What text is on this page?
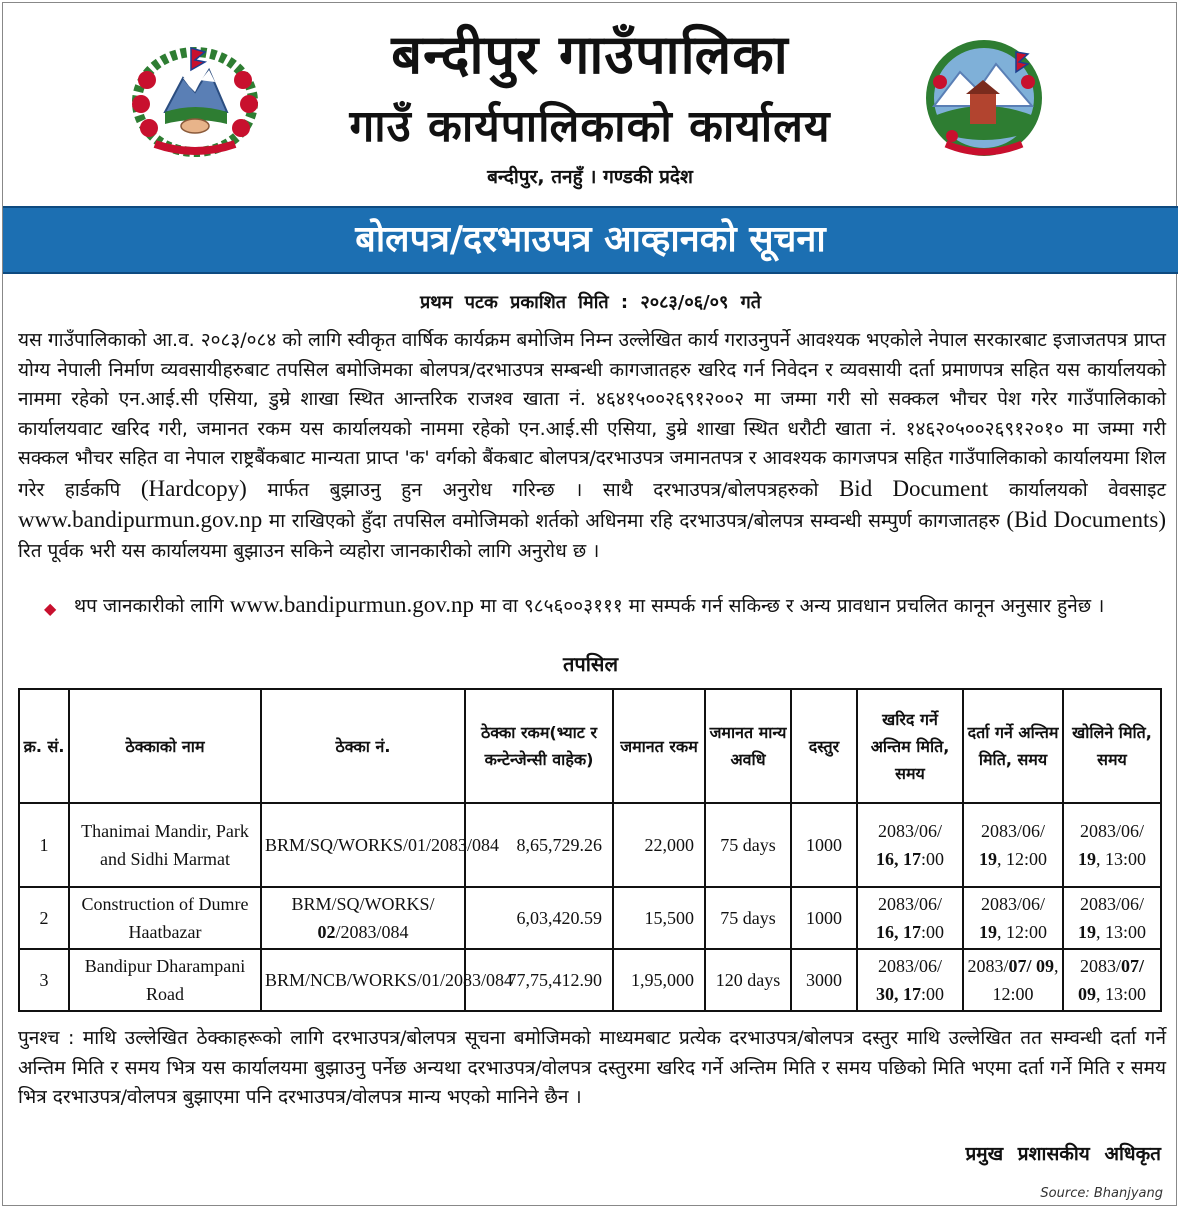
बन्दीपुर गाउँपालिका
गाउँ कार्यपालिकाको कार्यालय
बन्दीपुर, तनहुँ । गण्डकी प्रदेश
बोलपत्र/दरभाउपत्र आव्हानको सूचना
प्रथम पटक प्रकाशित मिति : २०८३/०६/०९ गते
यस गाउँपालिकाको आ.व. २०८३/०८४ को लागि स्वीकृत वार्षिक कार्यक्रम बमोजिम निम्न उल्लेखित कार्य गराउनुपर्ने आवश्यक भएकोले नेपाल सरकारबाट इजाजतपत्र प्राप्त योग्य नेपाली निर्माण व्यवसायीहरुबाट तपसिल बमोजिमका बोलपत्र/दरभाउपत्र सम्बन्धी कागजातहरु खरिद गर्न निवेदन र व्यवसायी दर्ता प्रमाणपत्र सहित यस कार्यालयको नाममा रहेको एन.आई.सी एसिया, डुम्रे शाखा स्थित आन्तरिक राजश्व खाता नं. ४६४१५००२६९१२००२ मा जम्मा गरी सो सक्कल भौचर पेश गरेर गाउँपालिकाको कार्यालयवाट खरिद गरी, जमानत रकम यस कार्यालयको नाममा रहेको एन.आई.सी एसिया, डुम्रे शाखा स्थित धरौटी खाता नं. १४६२०५००२६९१२०१० मा जम्मा गरी सक्कल भौचर सहित वा नेपाल राष्ट्रबैंकबाट मान्यता प्राप्त 'क' वर्गको बैंकबाट बोलपत्र/दरभाउपत्र जमानतपत्र र आवश्यक कागजपत्र सहित गाउँपालिकाको कार्यालयमा शिल गरेर हार्डकपि (Hardcopy) मार्फत बुझाउनु हुन अनुरोध गरिन्छ । साथै दरभाउपत्र/बोलपत्रहरुको Bid Document कार्यालयको वेवसाइट www.bandipurmun.gov.np मा राखिएको हुँदा तपसिल वमोजिमको शर्तको अधिनमा रहि दरभाउपत्र/बोलपत्र सम्वन्धी सम्पुर्ण कागजातहरु (Bid Documents) रित पूर्वक भरी यस कार्यालयमा बुझाउन सकिने व्यहोरा जानकारीको लागि अनुरोध छ ।
◆ थप जानकारीको लागि www.bandipurmun.gov.np मा वा ९८५६००३१११ मा सम्पर्क गर्न सकिन्छ र अन्य प्रावधान प्रचलित कानून अनुसार हुनेछ ।
तपसिल
क्र. सं.	ठेक्काको नाम	ठेक्का नं.	ठेक्का रकम(भ्याट र कन्टेन्जेन्सी वाहेक)	जमानत रकम	जमानत मान्य अवधि	दस्तुर	खरिद गर्ने अन्तिम मिति, समय	दर्ता गर्ने अन्तिम मिति, समय	खोलिने मिति, समय
1	Thanimai Mandir, Park and Sidhi Marmat	BRM/SQ/WORKS/01/2083/084	8,65,729.26	22,000	75 days	1000	2083/06/
16, 17:00	2083/06/
19, 12:00	2083/06/
19, 13:00
2	Construction of Dumre Haatbazar	BRM/SQ/WORKS/
02/2083/084	6,03,420.59	15,500	75 days	1000	2083/06/
16, 17:00	2083/06/
19, 12:00	2083/06/
19, 13:00
3	Bandipur Dharampani Road	BRM/NCB/WORKS/01/2083/084	77,75,412.90	1,95,000	120 days	3000	2083/06/
30, 17:00	2083/07/ 09, 12:00	2083/07/ 09, 13:00
पुनश्च : माथि उल्लेखित ठेक्काहरूको लागि दरभाउपत्र/बोलपत्र सूचना बमोजिमको माध्यमबाट प्रत्येक दरभाउपत्र/बोलपत्र दस्तुर माथि उल्लेखित तत सम्वन्धी दर्ता गर्ने अन्तिम मिति र समय भित्र यस कार्यालयमा बुझाउनु पर्नेछ अन्यथा दरभाउपत्र/वोलपत्र दस्तुरमा खरिद गर्ने अन्तिम मिति र समय पछिको मिति भएमा दर्ता गर्ने मिति र समय भित्र दरभाउपत्र/वोलपत्र बुझाएमा पनि दरभाउपत्र/वोलपत्र मान्य भएको मानिने छैन ।
प्रमुख प्रशासकीय अधिकृत
Source: Bhanjyang
